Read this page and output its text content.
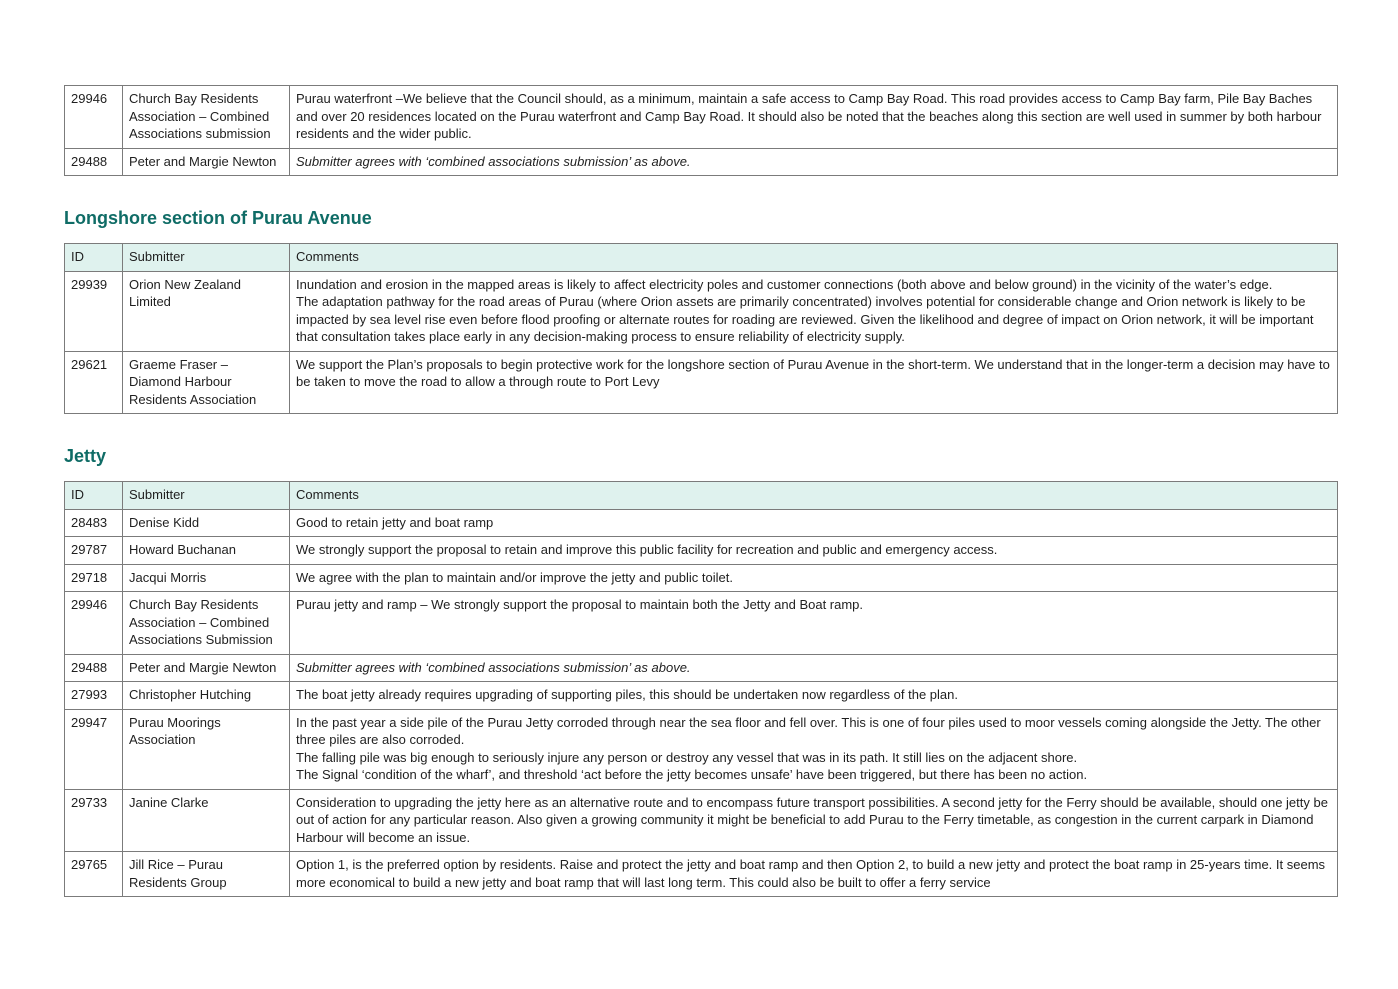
29946	Church Bay Residents Association – Combined Associations submission	Purau waterfront –We believe that the Council should, as a minimum, maintain a safe access to Camp Bay Road. This road provides access to Camp Bay farm, Pile Bay Baches and over 20 residences located on the Purau waterfront and Camp Bay Road. It should also be noted that the beaches along this section are well used in summer by both harbour residents and the wider public.

29488	Peter and Margie Newton	Submitter agrees with ‘combined associations submission’ as above.
Longshore section of Purau Avenue
ID	Submitter	Comments
29939	Orion New Zealand Limited	Inundation and erosion in the mapped areas is likely to affect electricity poles and customer connections (both above and below ground) in the vicinity of the water’s edge.
The adaptation pathway for the road areas of Purau (where Orion assets are primarily concentrated) involves potential for considerable change and Orion network is likely to be impacted by sea level rise even before flood proofing or alternate routes for roading are reviewed. Given the likelihood and degree of impact on Orion network, it will be important that consultation takes place early in any decision-making process to ensure reliability of electricity supply.

29621	Graeme Fraser – Diamond Harbour Residents Association	We support the Plan’s proposals to begin protective work for the longshore section of Purau Avenue in the short-term. We understand that in the longer-term a decision may have to be taken to move the road to allow a through route to Port Levy
Jetty
ID	Submitter	Comments
28483	Denise Kidd	Good to retain jetty and boat ramp

29787	Howard Buchanan	We strongly support the proposal to retain and improve this public facility for recreation and public and emergency access.

29718	Jacqui Morris	We agree with the plan to maintain and/or improve the jetty and public toilet.

29946	Church Bay Residents Association – Combined Associations Submission	Purau jetty and ramp – We strongly support the proposal to maintain both the Jetty and Boat ramp.

29488	Peter and Margie Newton	Submitter agrees with ‘combined associations submission’ as above.

27993	Christopher Hutching	The boat jetty already requires upgrading of supporting piles, this should be undertaken now regardless of the plan.

29947	Purau Moorings Association	In the past year a side pile of the Purau Jetty corroded through near the sea floor and fell over. This is one of four piles used to moor vessels coming alongside the Jetty. The other three piles are also corroded.
The falling pile was big enough to seriously injure any person or destroy any vessel that was in its path. It still lies on the adjacent shore.
The Signal ‘condition of the wharf’, and threshold ‘act before the jetty becomes unsafe’ have been triggered, but there has been no action.

29733	Janine Clarke	Consideration to upgrading the jetty here as an alternative route and to encompass future transport possibilities. A second jetty for the Ferry should be available, should one jetty be out of action for any particular reason. Also given a growing community it might be beneficial to add Purau to the Ferry timetable, as congestion in the current carpark in Diamond Harbour will become an issue.

29765	Jill Rice – Purau Residents Group	Option 1, is the preferred option by residents. Raise and protect the jetty and boat ramp and then Option 2, to build a new jetty and protect the boat ramp in 25-years time. It seems more economical to build a new jetty and boat ramp that will last long term. This could also be built to offer a ferry service
